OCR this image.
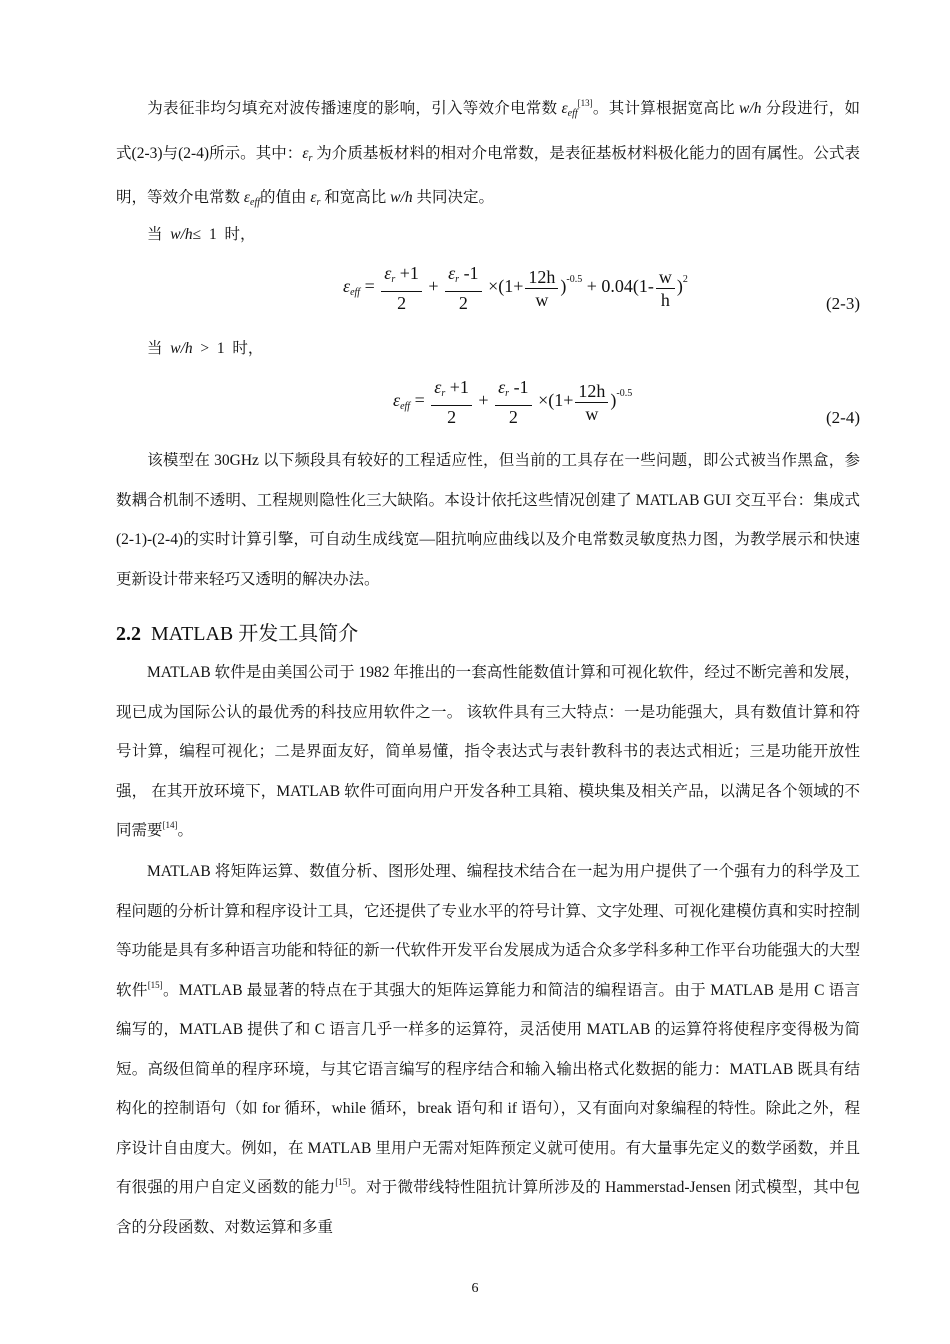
为表征非均匀填充对波传播速度的影响，引入等效介电常数 $\varepsilon_{eff}[13]$。其计算根据宽高比 w/h 分段进行，如式(2-3)与(2-4)所示。其中：$\varepsilon_r$ 为介质基板材料的相对介电常数，是表征基板材料极化能力的固有属性。公式表明，等效介电常数 $\varepsilon_{eff}$的值由 $\varepsilon_r$ 和宽高比 w/h 共同决定。

当 w/h≤ 1 时，
$\varepsilon_{eff} = \frac{\varepsilon_r +1}{2} + \frac{\varepsilon_r -1}{2} \times(1+ \frac{12h}{w} )^{-0.5} + 0.04(1- \frac{w}{h} )^2$
(2-3)
当 w/h > 1 时，
$\varepsilon_{eff} = \frac{\varepsilon_r +1}{2} + \frac{\varepsilon_r -1}{2} \times(1+ \frac{12h}{w} )^{-0.5}$
(2-4)

该模型在 30GHz 以下频段具有较好的工程适应性，但当前的工具存在一些问题，即公式被当作黑盒，参数耦合机制不透明、工程规则隐性化三大缺陷。本设计依托这些情况创建了 MATLAB GUI 交互平台：集成式(2-1)-(2-4)的实时计算引擎，可自动生成线宽—阻抗响应曲线以及介电常数灵敏度热力图，为教学展示和快速更新设计带来轻巧又透明的解决办法。

2.2 MATLAB 开发工具简介

MATLAB 软件是由美国公司于 1982 年推出的一套高性能数值计算和可视化软件，经过不断完善和发展，现已成为国际公认的最优秀的科技应用软件之一。 该软件具有三大特点：一是功能强大，具有数值计算和符号计算，编程可视化；二是界面友好，简单易懂，指令表达式与表针教科书的表达式相近；三是功能开放性强， 在其开放环境下，MATLAB 软件可面向用户开发各种工具箱、模块集及相关产品，以满足各个领域的不同需要[14]。

MATLAB 将矩阵运算、数值分析、图形处理、编程技术结合在一起为用户提供了一个强有力的科学及工程问题的分析计算和程序设计工具，它还提供了专业水平的符号计算、文字处理、可视化建模仿真和实时控制等功能是具有多种语言功能和特征的新一代软件开发平台发展成为适合众多学科多种工作平台功能强大的大型软件[15]。MATLAB 最显著的特点在于其强大的矩阵运算能力和简洁的编程语言。由于 MATLAB 是用 C 语言编写的，MATLAB 提供了和 C 语言几乎一样多的运算符，灵活使用 MATLAB 的运算符将使程序变得极为简短。高级但简单的程序环境，与其它语言编写的程序结合和输入输出格式化数据的能力：MATLAB 既具有结构化的控制语句（如 for 循环，while 循环，break 语句和 if 语句），又有面向对象编程的特性。除此之外，程序设计自由度大。例如，在 MATLAB 里用户无需对矩阵预定义就可使用。有大量事先定义的数学函数，并且有很强的用户自定义函数的能力[15]。对于微带线特性阻抗计算所涉及的 Hammerstad-Jensen 闭式模型，其中包含的分段函数、对数运算和多重

6
